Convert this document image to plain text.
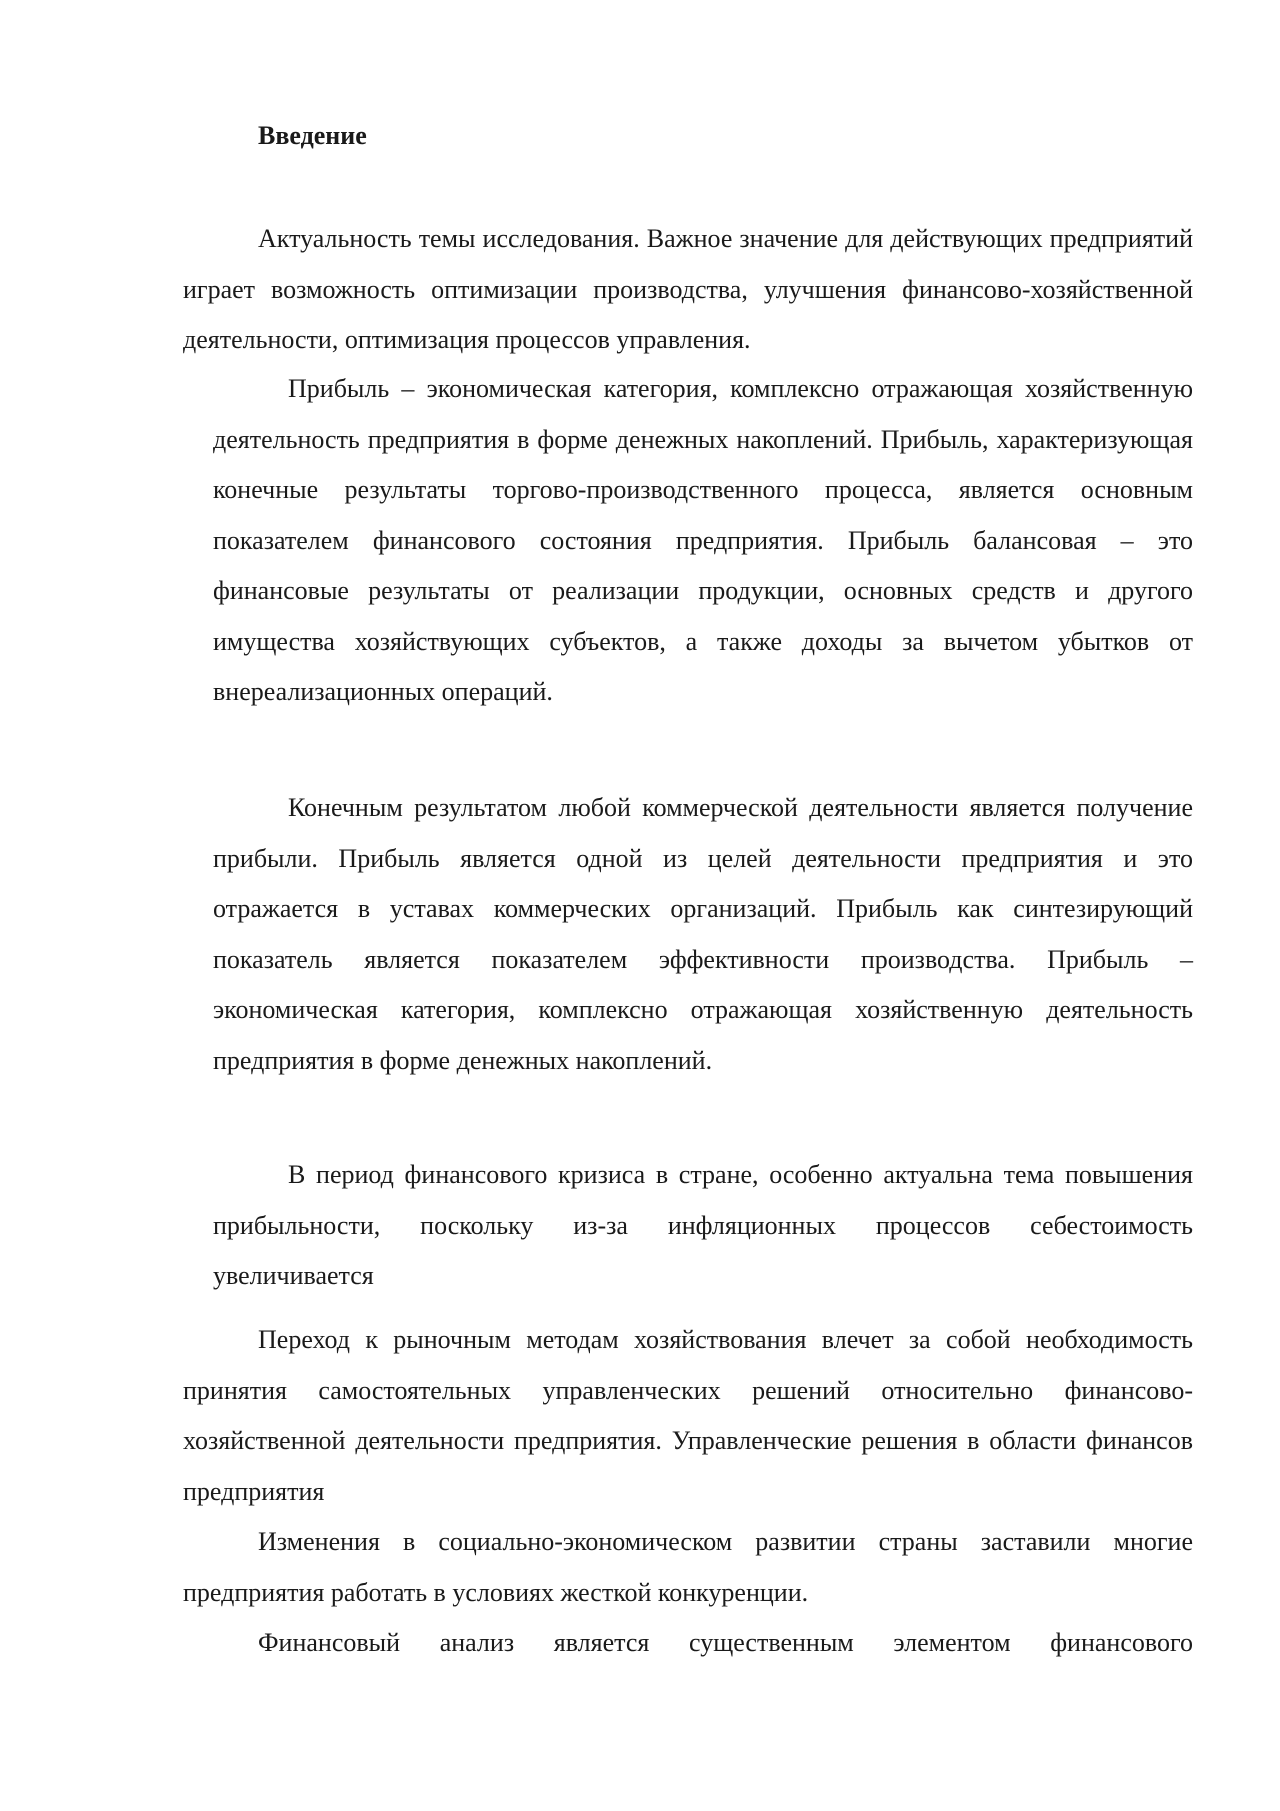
Введение

Актуальность темы исследования. Важное значение для действующих предприятий играет возможность оптимизации производства, улучшения финансово-хозяйственной деятельности, оптимизация процессов управления.

Прибыль – экономическая категория, комплексно отражающая хозяйственную деятельность предприятия в форме денежных накоплений. Прибыль, характеризующая конечные результаты торгово-производственного процесса, является основным показателем финансового состояния предприятия. Прибыль балансовая – это финансовые результаты от реализации продукции, основных средств и другого имущества хозяйствующих субъектов, а также доходы за вычетом убытков от внереализационных операций.

Конечным результатом любой коммерческой деятельности является получение прибыли. Прибыль является одной из целей деятельности предприятия и это отражается в уставах коммерческих организаций. Прибыль как синтезирующий показатель является показателем эффективности производства. Прибыль – экономическая категория, комплексно отражающая хозяйственную деятельность предприятия в форме денежных накоплений.

В период финансового кризиса в стране, особенно актуальна тема повышения прибыльности, поскольку из-за инфляционных процессов себестоимость увеличивается

Переход к рыночным методам хозяйствования влечет за собой необходимость принятия самостоятельных управленческих решений относительно финансово-хозяйственной деятельности предприятия. Управленческие решения в области финансов предприятия

Изменения в социально-экономическом развитии страны заставили многие предприятия работать в условиях жесткой конкуренции.

Финансовый анализ является существенным элементом финансового
